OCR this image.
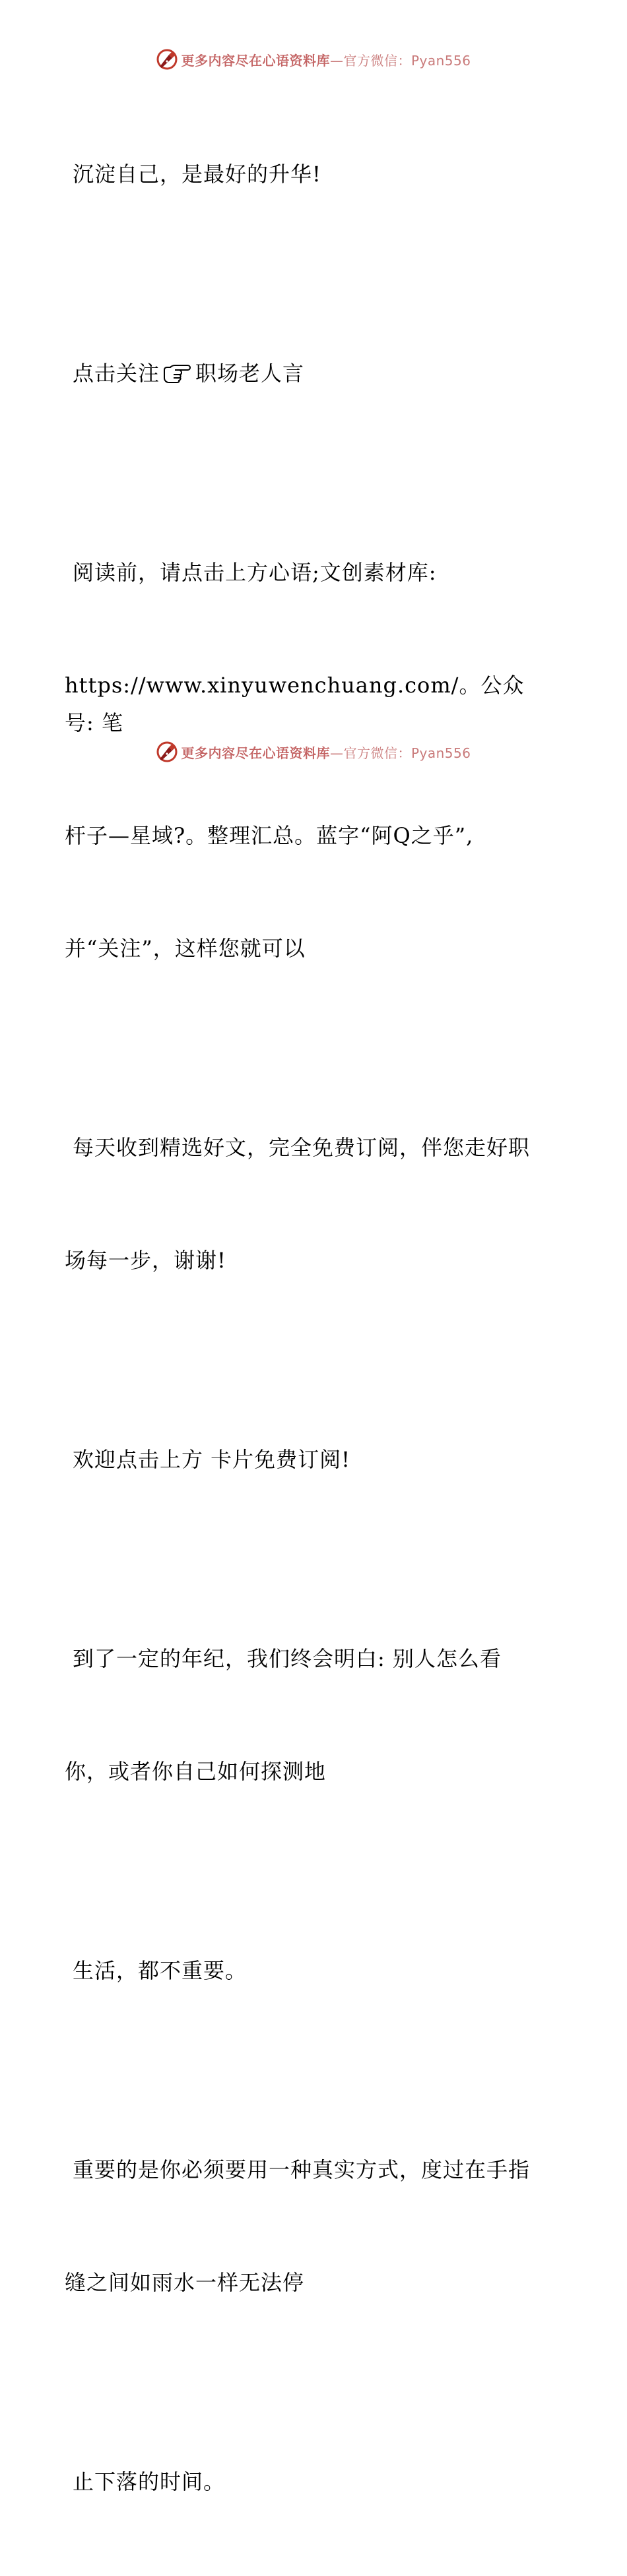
更多内容尽在心语资料库—官方微信：Pyan556

沉淀自己，是最好的升华!

点击关注 职场老人言

阅读前，请点击上方心语;文创素材库:

https://www.xinyuwenchuang.com/。公众号: 笔

杆子—星域?。整理汇总。蓝字“阿Q之乎”,

并“关注”，这样您就可以

每天收到精选好文，完全免费订阅，伴您走好职

场每一步，谢谢!

欢迎点击上方 卡片免费订阅!

到了一定的年纪，我们终会明白: 别人怎么看

你，或者你自己如何探测地

生活，都不重要。

重要的是你必须要用一种真实方式，度过在手指

缝之间如雨水一样无法停

止下落的时间。

更多内容尽在心语资料库—官方微信：Pyan556
